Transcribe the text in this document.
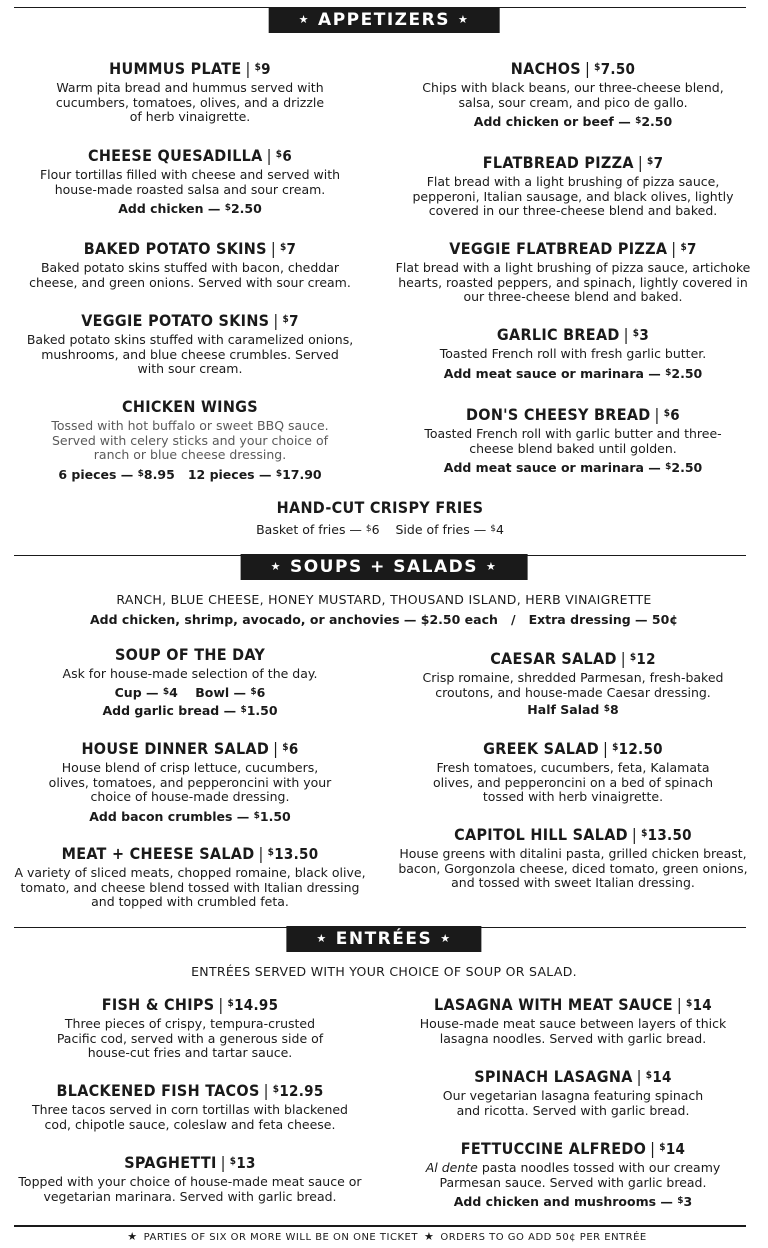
★ APPETIZERS ★
HUMMUS PLATE | $9
Warm pita bread and hummus served with cucumbers, tomatoes, olives, and a drizzle of herb vinaigrette.
CHEESE QUESADILLA | $6
Flour tortillas filled with cheese and served with house-made roasted salsa and sour cream.
Add chicken — $2.50
BAKED POTATO SKINS | $7
Baked potato skins stuffed with bacon, cheddar cheese, and green onions. Served with sour cream.
VEGGIE POTATO SKINS | $7
Baked potato skins stuffed with caramelized onions, mushrooms, and blue cheese crumbles. Served with sour cream.
CHICKEN WINGS
Tossed with hot buffalo or sweet BBQ sauce. Served with celery sticks and your choice of ranch or blue cheese dressing.
6 pieces — $8.95 12 pieces — $17.90
NACHOS | $7.50
Chips with black beans, our three-cheese blend, salsa, sour cream, and pico de gallo.
Add chicken or beef — $2.50
FLATBREAD PIZZA | $7
Flat bread with a light brushing of pizza sauce, pepperoni, Italian sausage, and black olives, lightly covered in our three-cheese blend and baked.
VEGGIE FLATBREAD PIZZA | $7
Flat bread with a light brushing of pizza sauce, artichoke hearts, roasted peppers, and spinach, lightly covered in our three-cheese blend and baked.
GARLIC BREAD | $3
Toasted French roll with fresh garlic butter.
Add meat sauce or marinara — $2.50
DON'S CHEESY BREAD | $6
Toasted French roll with garlic butter and three-cheese blend baked until golden.
Add meat sauce or marinara — $2.50
HAND-CUT CRISPY FRIES
Basket of fries — $6 Side of fries — $4
★ SOUPS + SALADS ★
RANCH, BLUE CHEESE, HONEY MUSTARD, THOUSAND ISLAND, HERB VINAIGRETTE
Add chicken, shrimp, avocado, or anchovies — $2.50 each   /   Extra dressing — 50¢
SOUP OF THE DAY
Ask for house-made selection of the day.
Cup — $4 Bowl — $6
Add garlic bread — $1.50
HOUSE DINNER SALAD | $6
House blend of crisp lettuce, cucumbers, olives, tomatoes, and pepperoncini with your choice of house-made dressing.
Add bacon crumbles — $1.50
MEAT + CHEESE SALAD | $13.50
A variety of sliced meats, chopped romaine, black olive, tomato, and cheese blend tossed with Italian dressing and topped with crumbled feta.
CAESAR SALAD | $12
Crisp romaine, shredded Parmesan, fresh-baked croutons, and house-made Caesar dressing.
Half Salad $8
GREEK SALAD | $12.50
Fresh tomatoes, cucumbers, feta, Kalamata olives, and pepperoncini on a bed of spinach tossed with herb vinaigrette.
CAPITOL HILL SALAD | $13.50
House greens with ditalini pasta, grilled chicken breast, bacon, Gorgonzola cheese, diced tomato, green onions, and tossed with sweet Italian dressing.
★ ENTRÉES ★
ENTRÉES SERVED WITH YOUR CHOICE OF SOUP OR SALAD.
FISH & CHIPS | $14.95
Three pieces of crispy, tempura-crusted Pacific cod, served with a generous side of house-cut fries and tartar sauce.
BLACKENED FISH TACOS | $12.95
Three tacos served in corn tortillas with blackened cod, chipotle sauce, coleslaw and feta cheese.
SPAGHETTI | $13
Topped with your choice of house-made meat sauce or vegetarian marinara. Served with garlic bread.
LASAGNA WITH MEAT SAUCE | $14
House-made meat sauce between layers of thick lasagna noodles. Served with garlic bread.
SPINACH LASAGNA | $14
Our vegetarian lasagna featuring spinach and ricotta. Served with garlic bread.
FETTUCCINE ALFREDO | $14
Al dente pasta noodles tossed with our creamy Parmesan sauce. Served with garlic bread.
Add chicken and mushrooms — $3
★ PARTIES OF SIX OR MORE WILL BE ON ONE TICKET ★ ORDERS TO GO ADD 50¢ PER ENTRÉE
